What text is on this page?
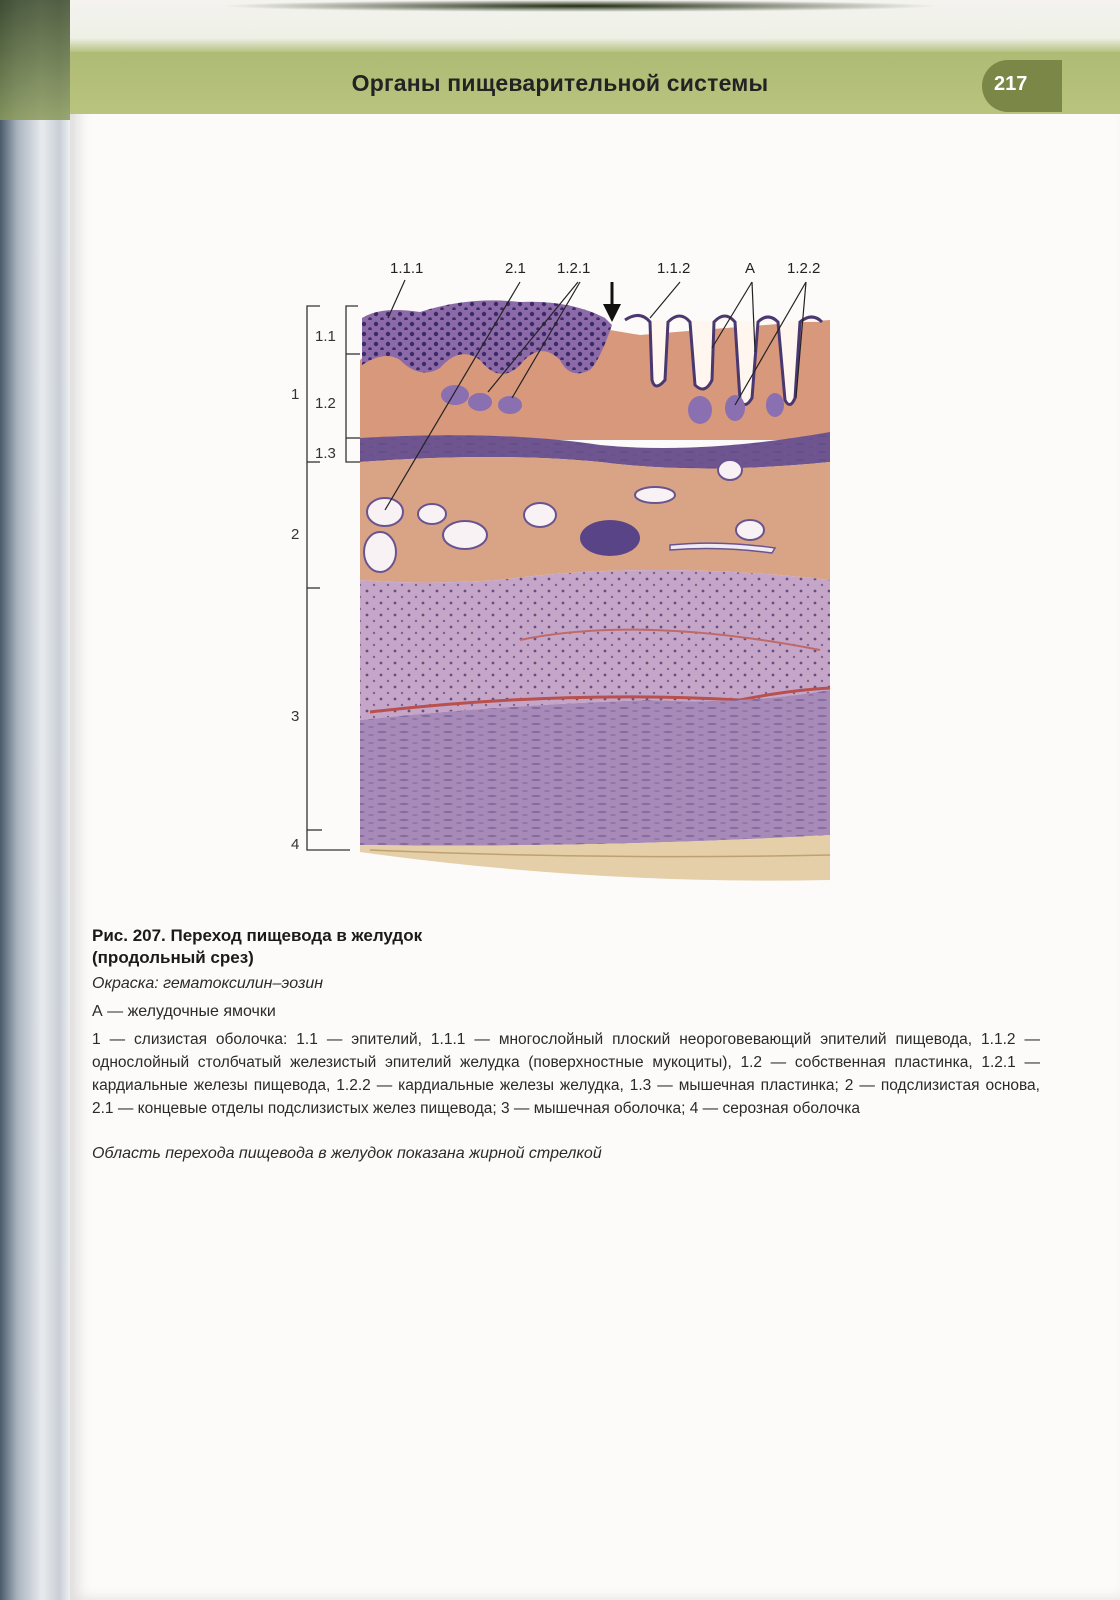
Органы пищеварительной системы	217
1.1.1	2.1 1.2.1	1.1.2	А 1.2.2
1.1
1
1.2
1.3
2
3
4
Рис. 207. Переход пищевода в желудок
(продольный срез)
Окраска: гематоксилин–эозин
А — желудочные ямочки
1 — слизистая оболочка: 1.1 — эпителий, 1.1.1 — многослойный плоский неороговевающий эпителий пищевода, 1.1.2 — однослойный столбчатый железистый эпителий желудка (поверхностные мукоциты), 1.2 — собственная пластинка, 1.2.1 — кардиальные железы пищевода, 1.2.2 — кардиальные железы желудка, 1.3 — мышечная пластинка; 2 — подслизистая основа, 2.1 — концевые отделы подслизистых желез пищевода; 3 — мышечная оболочка; 4 — серозная оболочка
Область перехода пищевода в желудок показана жирной стрелкой
